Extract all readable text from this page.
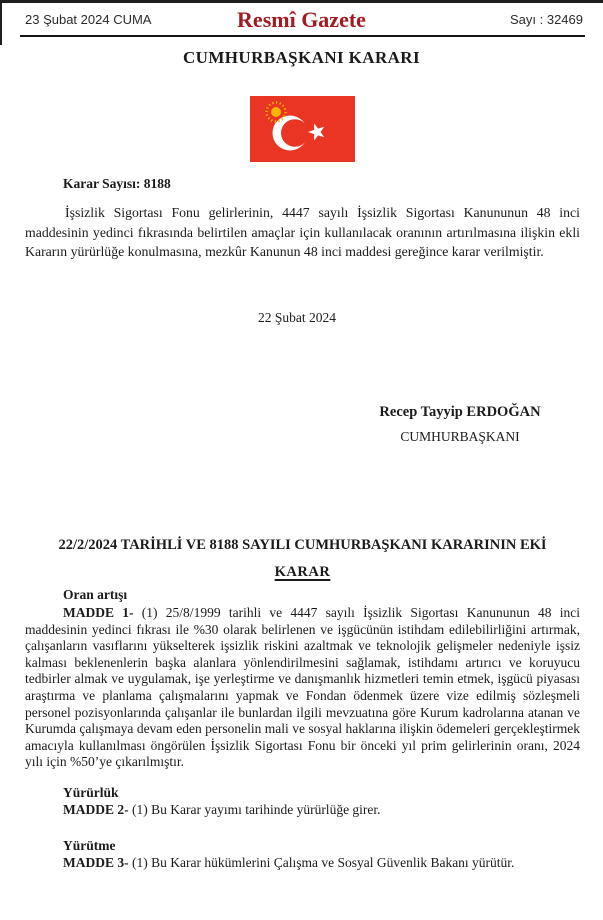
23 Şubat 2024 CUMA	Resmî Gazete	Sayı : 32469
CUMHURBAŞKANI KARARI
Karar Sayısı: 8188

İşsizlik Sigortası Fonu gelirlerinin, 4447 sayılı İşsizlik Sigortası Kanununun 48 inci maddesinin yedinci fıkrasında belirtilen amaçlar için kullanılacak oranının artırılmasına ilişkin ekli Kararın yürürlüğe konulmasına, mezkûr Kanunun 48 inci maddesi gereğince karar verilmiştir.

22 Şubat 2024
Recep Tayyip ERDOĞAN
CUMHURBAŞKANI
22/2/2024 TARİHLİ VE 8188 SAYILI CUMHURBAŞKANI KARARININ EKİ
KARAR

Oran artışı

MADDE 1- (1) 25/8/1999 tarihli ve 4447 sayılı İşsizlik Sigortası Kanununun 48 inci maddesinin yedinci fıkrası ile %30 olarak belirlenen ve işgücünün istihdam edilebilirliğini artırmak, çalışanların vasıflarını yükselterek işsizlik riskini azaltmak ve teknolojik gelişmeler nedeniyle işsiz kalması beklenenlerin başka alanlara yönlendirilmesini sağlamak, istihdamı artırıcı ve koruyucu tedbirler almak ve uygulamak, işe yerleştirme ve danışmanlık hizmetleri temin etmek, işgücü piyasası araştırma ve planlama çalışmalarını yapmak ve Fondan ödenmek üzere vize edilmiş sözleşmeli personel pozisyonlarında çalışanlar ile bunlardan ilgili mevzuatına göre Kurum kadrolarına atanan ve Kurumda çalışmaya devam eden personelin mali ve sosyal haklarına ilişkin ödemeleri gerçekleştirmek amacıyla kullanılması öngörülen İşsizlik Sigortası Fonu bir önceki yıl prim gelirlerinin oranı, 2024 yılı için %50’ye çıkarılmıştır.

Yürürlük

MADDE 2- (1) Bu Karar yayımı tarihinde yürürlüğe girer.

Yürütme

MADDE 3- (1) Bu Karar hükümlerini Çalışma ve Sosyal Güvenlik Bakanı yürütür.
